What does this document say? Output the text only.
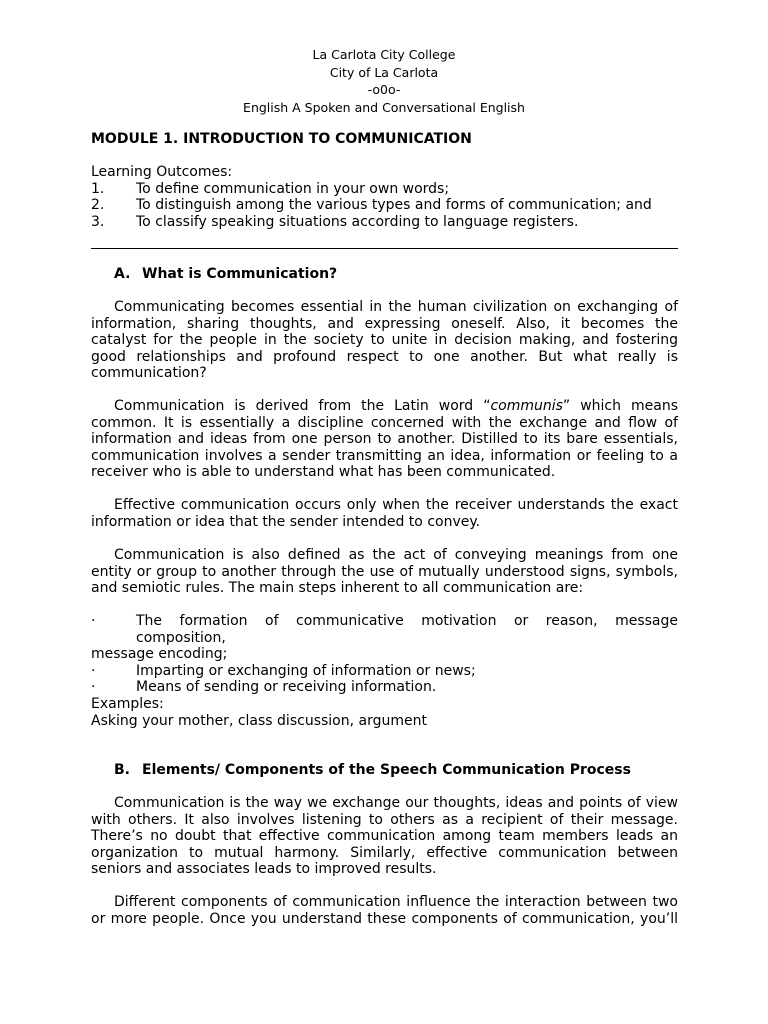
La Carlota City College
City of La Carlota
-o0o-
English A Spoken and Conversational English
MODULE 1. INTRODUCTION TO COMMUNICATION
Learning Outcomes:
1.	To define communication in your own words;
2.	To distinguish among the various types and forms of communication; and
3.	To classify speaking situations according to language registers.
A. What is Communication?

Communicating becomes essential in the human civilization on exchanging of information, sharing thoughts, and expressing oneself. Also, it becomes the catalyst for the people in the society to unite in decision making, and fostering good relationships and profound respect to one another. But what really is communication?

Communication is derived from the Latin word “communis” which means common. It is essentially a discipline concerned with the exchange and flow of information and ideas from one person to another. Distilled to its bare essentials, communication involves a sender transmitting an idea, information or feeling to a receiver who is able to understand what has been communicated.

Effective communication occurs only when the receiver understands the exact information or idea that the sender intended to convey.

Communication is also defined as the act of conveying meanings from one entity or group to another through the use of mutually understood signs, symbols, and semiotic rules. The main steps inherent to all communication are:

·	The formation of communicative motivation or reason, message composition,
message encoding;
·	Imparting or exchanging of information or news;
·	Means of sending or receiving information.
Examples:
Asking your mother, class discussion, argument
B. Elements/ Components of the Speech Communication Process

Communication is the way we exchange our thoughts, ideas and points of view with others. It also involves listening to others as a recipient of their message. There’s no doubt that effective communication among team members leads an organization to mutual harmony. Similarly, effective communication between seniors and associates leads to improved results.

Different components of communication influence the interaction between two or more people. Once you understand these components of communication, you’ll
